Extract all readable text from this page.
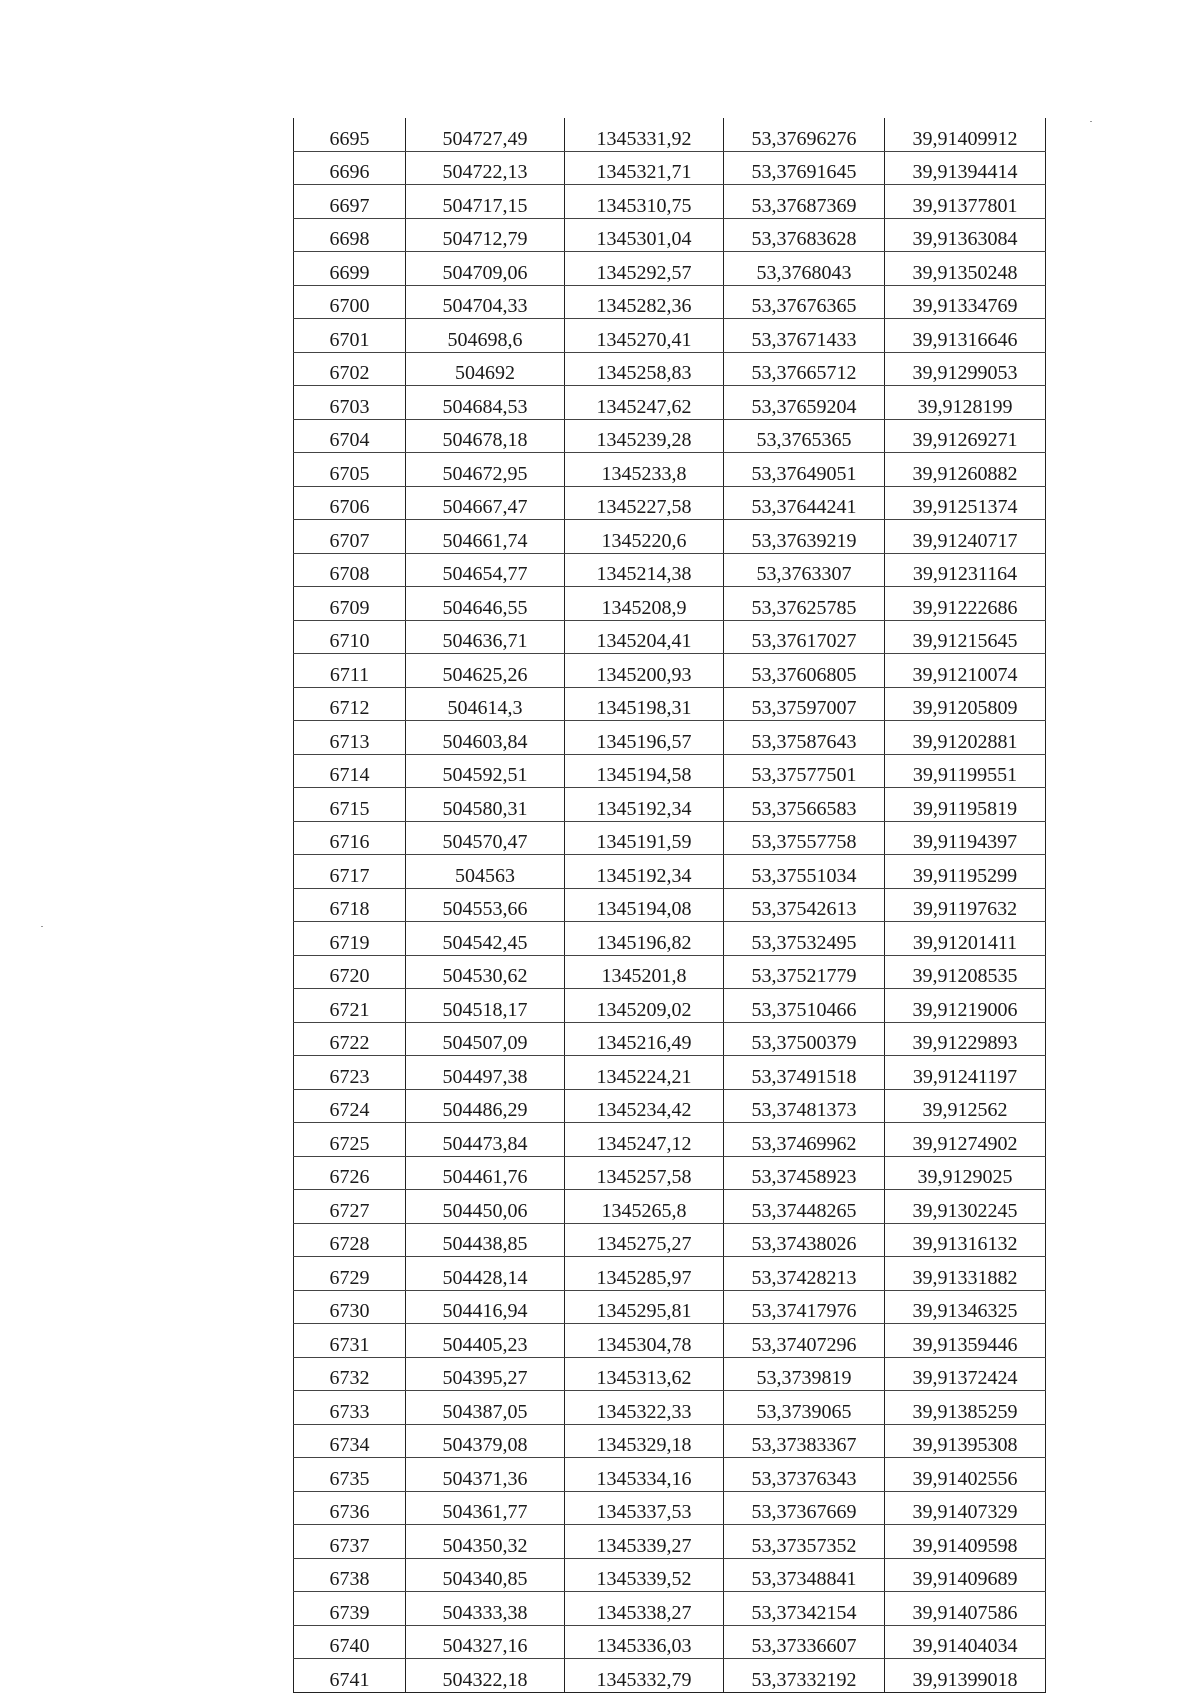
6695	504727,49	1345331,92	53,37696276	39,91409912
6696	504722,13	1345321,71	53,37691645	39,91394414
6697	504717,15	1345310,75	53,37687369	39,91377801
6698	504712,79	1345301,04	53,37683628	39,91363084
6699	504709,06	1345292,57	53,3768043	39,91350248
6700	504704,33	1345282,36	53,37676365	39,91334769
6701	504698,6	1345270,41	53,37671433	39,91316646
6702	504692	1345258,83	53,37665712	39,91299053
6703	504684,53	1345247,62	53,37659204	39,9128199
6704	504678,18	1345239,28	53,3765365	39,91269271
6705	504672,95	1345233,8	53,37649051	39,91260882
6706	504667,47	1345227,58	53,37644241	39,91251374
6707	504661,74	1345220,6	53,37639219	39,91240717
6708	504654,77	1345214,38	53,3763307	39,91231164
6709	504646,55	1345208,9	53,37625785	39,91222686
6710	504636,71	1345204,41	53,37617027	39,91215645
6711	504625,26	1345200,93	53,37606805	39,91210074
6712	504614,3	1345198,31	53,37597007	39,91205809
6713	504603,84	1345196,57	53,37587643	39,91202881
6714	504592,51	1345194,58	53,37577501	39,91199551
6715	504580,31	1345192,34	53,37566583	39,91195819
6716	504570,47	1345191,59	53,37557758	39,91194397
6717	504563	1345192,34	53,37551034	39,91195299
6718	504553,66	1345194,08	53,37542613	39,91197632
6719	504542,45	1345196,82	53,37532495	39,91201411
6720	504530,62	1345201,8	53,37521779	39,91208535
6721	504518,17	1345209,02	53,37510466	39,91219006
6722	504507,09	1345216,49	53,37500379	39,91229893
6723	504497,38	1345224,21	53,37491518	39,91241197
6724	504486,29	1345234,42	53,37481373	39,912562
6725	504473,84	1345247,12	53,37469962	39,91274902
6726	504461,76	1345257,58	53,37458923	39,9129025
6727	504450,06	1345265,8	53,37448265	39,91302245
6728	504438,85	1345275,27	53,37438026	39,91316132
6729	504428,14	1345285,97	53,37428213	39,91331882
6730	504416,94	1345295,81	53,37417976	39,91346325
6731	504405,23	1345304,78	53,37407296	39,91359446
6732	504395,27	1345313,62	53,3739819	39,91372424
6733	504387,05	1345322,33	53,3739065	39,91385259
6734	504379,08	1345329,18	53,37383367	39,91395308
6735	504371,36	1345334,16	53,37376343	39,91402556
6736	504361,77	1345337,53	53,37367669	39,91407329
6737	504350,32	1345339,27	53,37357352	39,91409598
6738	504340,85	1345339,52	53,37348841	39,91409689
6739	504333,38	1345338,27	53,37342154	39,91407586
6740	504327,16	1345336,03	53,37336607	39,91404034
6741	504322,18	1345332,79	53,37332192	39,91399018
